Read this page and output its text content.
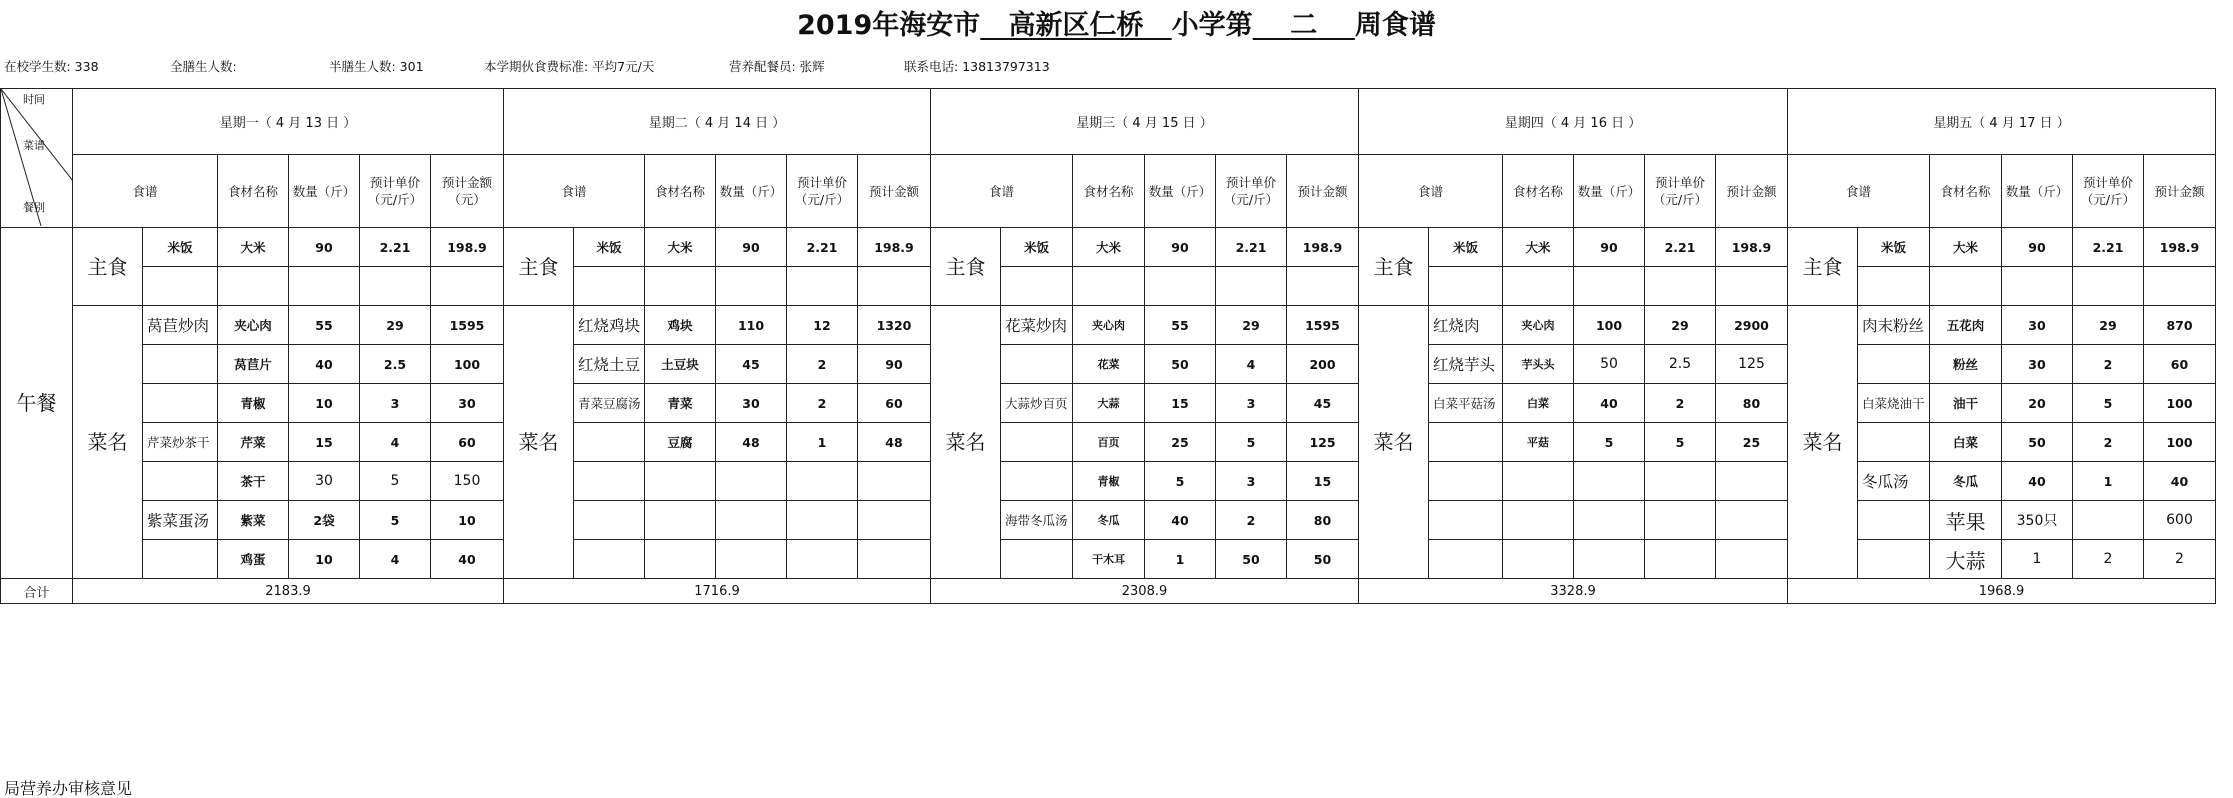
2019年海安市 高新区仁桥 小学第 二 周食谱
在校学生数: 338	全膳生人数:	半膳生人数: 301	本学期伙食费标准: 平均7元/天	营养配餐员: 张辉	联系电话: 13813797313
时间
菜谱
餐别	星期一（ 4 月 13 日 ）						星期二（ 4 月 14 日 ）						星期三（ 4 月 15 日 ）						星期四（ 4 月 16 日 ）						星期五（ 4 月 17 日 ）					
	食谱		食材名称	数量（斤）	预计单价（元/斤）	预计金额（元）	食谱		食材名称	数量（斤）	预计单价（元/斤）	预计金额	食谱		食材名称	数量（斤）	预计单价（元/斤）	预计金额	食谱		食材名称	数量（斤）	预计单价（元/斤）	预计金额	食谱		食材名称	数量（斤）	预计单价（元/斤）	预计金额
午餐	主食	米饭	大米	90	2.21	198.9	主食	米饭	大米	90	2.21	198.9	主食	米饭	大米	90	2.21	198.9	主食	米饭	大米	90	2.21	198.9	主食	米饭	大米	90	2.21	198.9

	菜名	莴苣炒肉	夹心肉	55	29	1595	菜名	红烧鸡块	鸡块	110	12	1320	菜名	花菜炒肉	夹心肉	55	29	1595	菜名	红烧肉	夹心肉	100	29	2900	菜名	肉末粉丝	五花肉	30	29	870
			莴苣片	40	2.5	100		红烧土豆	土豆块	45	2	90			花菜	50	4	200		红烧芋头	芋头头	50	2.5	125			粉丝	30	2	60
			青椒	10	3	30		青菜豆腐汤	青菜	30	2	60		大蒜炒百页	大蒜	15	3	45		白菜平菇汤	白菜	40	2	80		白菜烧油干	油干	20	5	100
		芹菜炒茶干	芹菜	15	4	60			豆腐	48	1	48			百页	25	5	125			平菇	5	5	25			白菜	50	2	100
			茶干	30	5	150									青椒	5	3	15								冬瓜汤	冬瓜	40	1	40
		紫菜蛋汤	紫菜	2袋	5	10								海带冬瓜汤	冬瓜	40	2	80									苹果	350只		600
			鸡蛋	10	4	40									干木耳	1	50	50									大蒜	1	2	2
合计	2183.9						1716.9						2308.9						3328.9						1968.9					
局营养办审核意见
